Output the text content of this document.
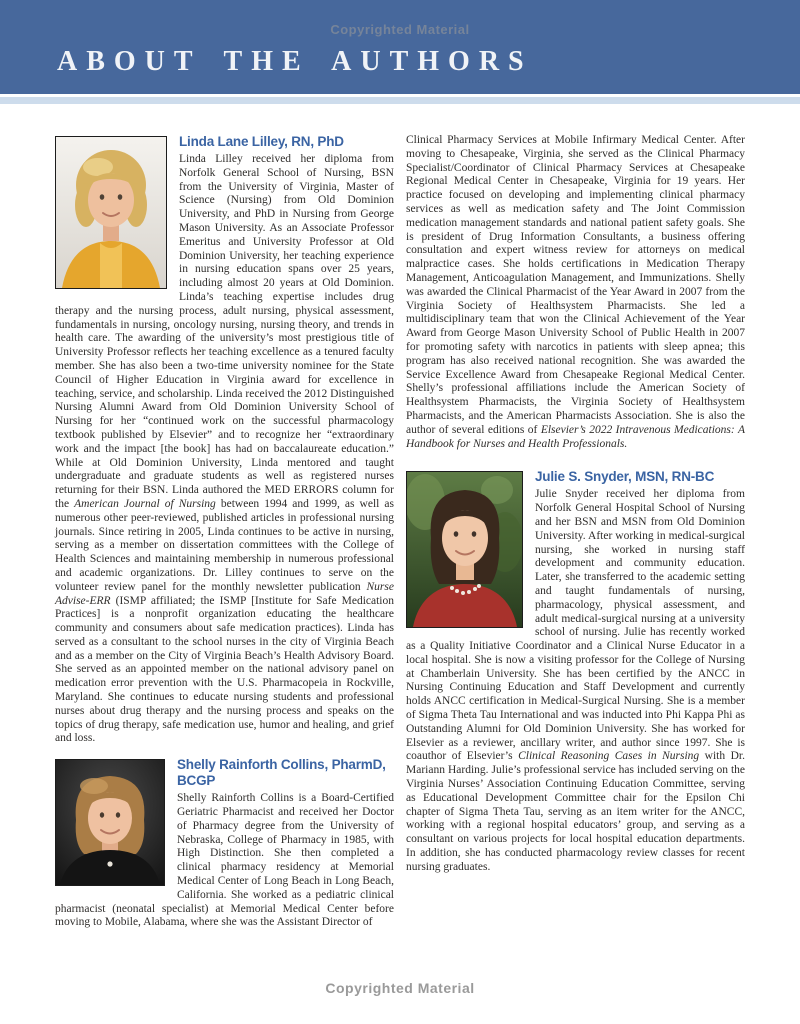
Copyrighted Material
ABOUT THE AUTHORS
Linda Lane Lilley, RN, PhD

Linda Lilley received her diploma from Norfolk General School of Nursing, BSN from the University of Virginia, Master of Science (Nursing) from Old Dominion University, and PhD in Nursing from George Mason University. As an Associate Professor Emeritus and University Professor at Old Dominion University, her teaching experience in nursing education spans over 25 years, including almost 20 years at Old Dominion. Linda’s teaching expertise includes drug therapy and the nursing process, adult nursing, physical assessment, fundamentals in nursing, oncology nursing, nursing theory, and trends in health care. The awarding of the university’s most prestigious title of University Professor reflects her teaching excellence as a tenured faculty member. She has also been a two-time university nominee for the State Council of Higher Education in Virginia award for excellence in teaching, service, and scholarship. Linda received the 2012 Distinguished Nursing Alumni Award from Old Dominion University School of Nursing for her “continued work on the successful pharmacology textbook published by Elsevier” and to recognize her “extraordinary work and the impact [the book] has had on baccalaureate education.” While at Old Dominion University, Linda mentored and taught undergraduate and graduate students as well as registered nurses returning for their BSN. Linda authored the MED ERRORS column for the American Journal of Nursing between 1994 and 1999, as well as numerous other peer-reviewed, published articles in professional nursing journals. Since retiring in 2005, Linda continues to be active in nursing, serving as a member on dissertation committees with the College of Health Sciences and maintaining membership in numerous professional and academic organizations. Dr. Lilley continues to serve on the volunteer review panel for the monthly newsletter publication Nurse Advise-ERR (ISMP affiliated; the ISMP [Institute for Safe Medication Practices] is a nonprofit organization educating the healthcare community and consumers about safe medication practices). Linda has served as a consultant to the school nurses in the city of Virginia Beach and as a member on the City of Virginia Beach’s Health Advisory Board. She served as an appointed member on the national advisory panel on medication error prevention with the U.S. Pharmacopeia in Rockville, Maryland. She continues to educate nursing students and professional nurses about drug therapy and the nursing process and speaks on the topics of drug therapy, safe medication use, humor and healing, and grief and loss.

Shelly Rainforth Collins, PharmD, BCGP

Shelly Rainforth Collins is a Board-Certified Geriatric Pharmacist and received her Doctor of Pharmacy degree from the University of Nebraska, College of Pharmacy in 1985, with High Distinction. She then completed a clinical pharmacy residency at Memorial Medical Center of Long Beach in Long Beach, California. She worked as a pediatric clinical pharmacist (neonatal specialist) at Memorial Medical Center before moving to Mobile, Alabama, where she was the Assistant Director of

Clinical Pharmacy Services at Mobile Infirmary Medical Center. After moving to Chesapeake, Virginia, she served as the Clinical Pharmacy Specialist/Coordinator of Clinical Pharmacy Services at Chesapeake Regional Medical Center in Chesapeake, Virginia for 19 years. Her practice focused on developing and implementing clinical pharmacy services as well as medication safety and The Joint Commission medication management standards and national patient safety goals. She is president of Drug Information Consultants, a business offering consultation and expert witness review for attorneys on medical malpractice cases. She holds certifications in Medication Therapy Management, Anticoagulation Management, and Immunizations. Shelly was awarded the Clinical Pharmacist of the Year Award in 2007 from the Virginia Society of Healthsystem Pharmacists. She led a multidisciplinary team that won the Clinical Achievement of the Year Award from George Mason University School of Public Health in 2007 for promoting safety with narcotics in patients with sleep apnea; this program has also received national recognition. She was awarded the Service Excellence Award from Chesapeake Regional Medical Center. Shelly’s professional affiliations include the American Society of Healthsystem Pharmacists, the Virginia Society of Healthsystem Pharmacists, and the American Pharmacists Association. She is also the author of several editions of Elsevier’s 2022 Intravenous Medications: A Handbook for Nurses and Health Professionals.

Julie S. Snyder, MSN, RN-BC

Julie Snyder received her diploma from Norfolk General Hospital School of Nursing and her BSN and MSN from Old Dominion University. After working in medical-surgical nursing, she worked in nursing staff development and community education. Later, she transferred to the academic setting and taught fundamentals of nursing, pharmacology, physical assessment, and adult medical-surgical nursing at a university school of nursing. Julie has recently worked as a Quality Initiative Coordinator and a Clinical Nurse Educator in a local hospital. She is now a visiting professor for the College of Nursing at Chamberlain University. She has been certified by the ANCC in Nursing Continuing Education and Staff Development and currently holds ANCC certification in Medical-Surgical Nursing. She is a member of Sigma Theta Tau International and was inducted into Phi Kappa Phi as Outstanding Alumni for Old Dominion University. She has worked for Elsevier as a reviewer, ancillary writer, and author since 1997. She is coauthor of Elsevier’s Clinical Reasoning Cases in Nursing with Dr. Mariann Harding. Julie’s professional service has included serving on the Virginia Nurses’ Association Continuing Education Committee, serving as Educational Development Committee chair for the Epsilon Chi chapter of Sigma Theta Tau, serving as an item writer for the ANCC, working with a regional hospital educators’ group, and serving as a consultant on various projects for local hospital education departments. In addition, she has conducted pharmacology review classes for recent nursing graduates.

Copyrighted Material
